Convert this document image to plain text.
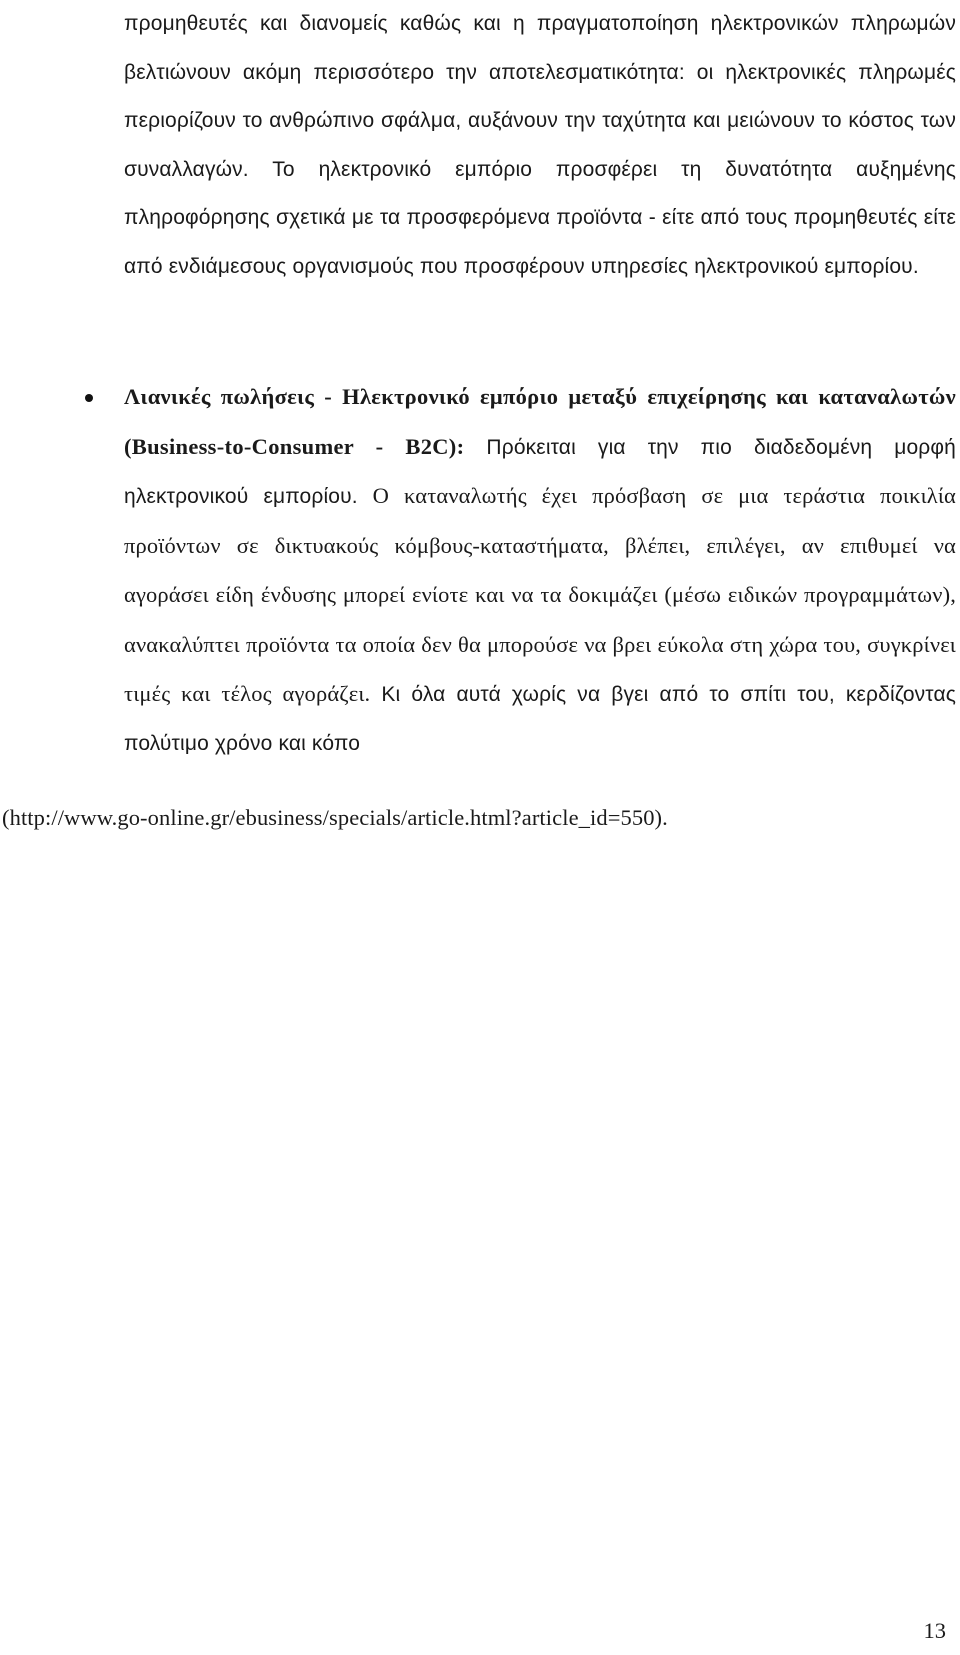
προμηθευτές και διανομείς καθώς και η πραγματοποίηση ηλεκτρονικών πληρωμών βελτιώνουν ακόμη περισσότερο την αποτελεσματικότητα: οι ηλεκτρονικές πληρωμές περιορίζουν το ανθρώπινο σφάλμα, αυξάνουν την ταχύτητα και μειώνουν το κόστος των συναλλαγών. Το ηλεκτρονικό εμπόριο προσφέρει τη δυνατότητα αυξημένης πληροφόρησης σχετικά με τα προσφερόμενα προϊόντα - είτε από τους προμηθευτές είτε από ενδιάμεσους οργανισμούς που προσφέρουν υπηρεσίες ηλεκτρονικού εμπορίου.
Λιανικές πωλήσεις - Ηλεκτρονικό εμπόριο μεταξύ επιχείρησης και καταναλωτών (Business-to-Consumer - B2C): Πρόκειται για την πιο διαδεδομένη μορφή ηλεκτρονικού εμπορίου. Ο καταναλωτής έχει πρόσβαση σε μια τεράστια ποικιλία προϊόντων σε δικτυακούς κόμβους-καταστήματα, βλέπει, επιλέγει, αν επιθυμεί να αγοράσει είδη ένδυσης μπορεί ενίοτε και να τα δοκιμάζει (μέσω ειδικών προγραμμάτων), ανακαλύπτει προϊόντα τα οποία δεν θα μπορούσε να βρει εύκολα στη χώρα του, συγκρίνει τιμές και τέλος αγοράζει. Κι όλα αυτά χωρίς να βγει από το σπίτι του, κερδίζοντας πολύτιμο χρόνο και κόπο
(http://www.go-online.gr/ebusiness/specials/article.html?article_id=550).
13
